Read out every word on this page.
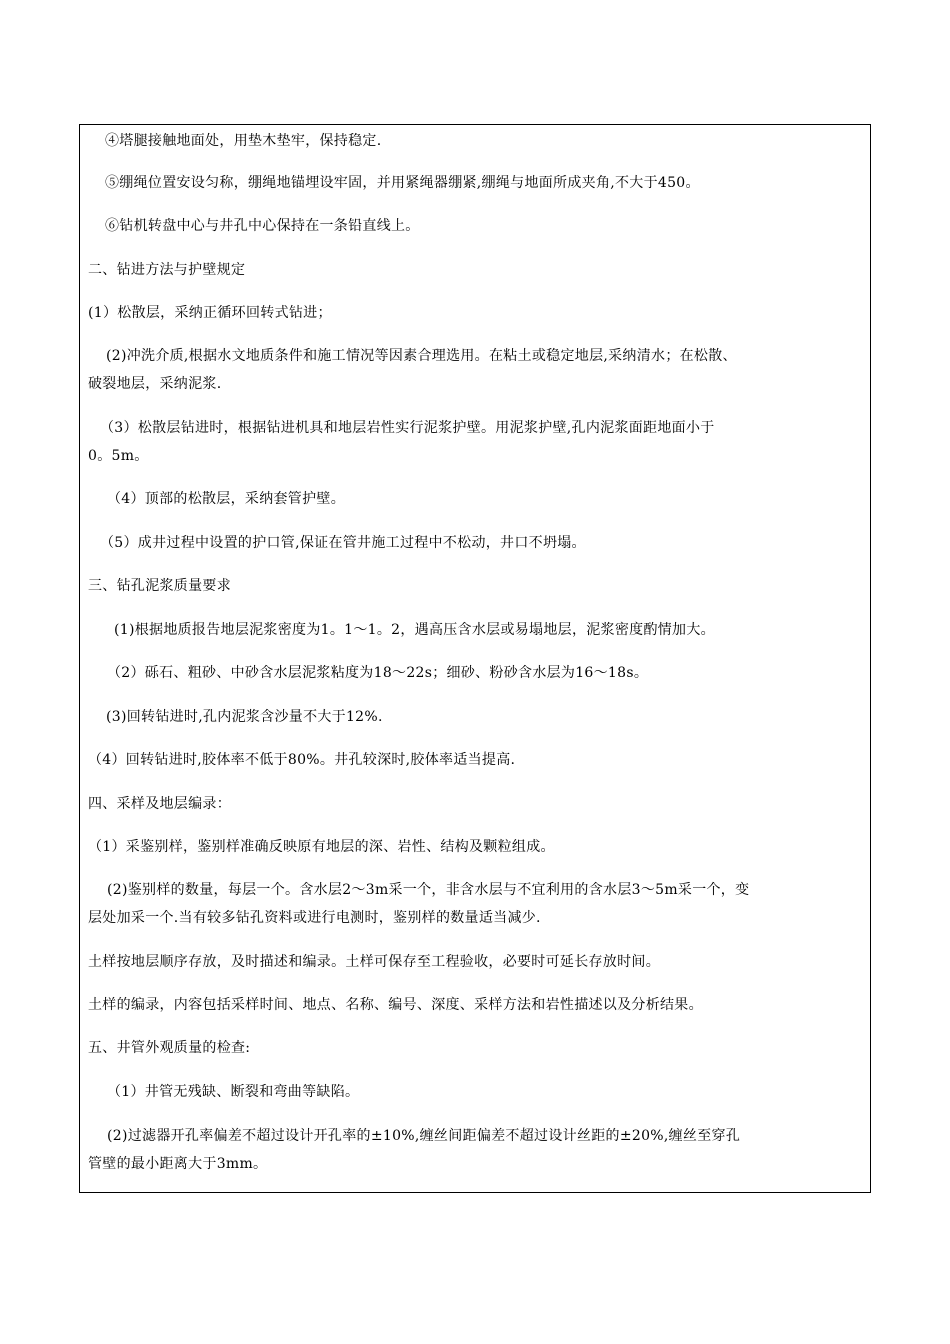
④塔腿接触地面处，用垫木垫牢，保持稳定.
⑤绷绳位置安设匀称，绷绳地锚埋设牢固，并用紧绳器绷紧,绷绳与地面所成夹角,不大于450。
⑥钻机转盘中心与井孔中心保持在一条铅直线上。
二、钻进方法与护壁规定
(1）松散层，采纳正循环回转式钻进；
(2)冲洗介质,根据水文地质条件和施工情况等因素合理选用。在粘土或稳定地层,采纳清水；在松散、
破裂地层，采纳泥浆.
（3）松散层钻进时，根据钻进机具和地层岩性实行泥浆护壁。用泥浆护壁,孔内泥浆面距地面小于
0。5m。
（4）顶部的松散层，采纳套管护壁。
（5）成井过程中设置的护口管,保证在管井施工过程中不松动，井口不坍塌。
三、钻孔泥浆质量要求
(1)根据地质报告地层泥浆密度为1。1～1。2，遇高压含水层或易塌地层，泥浆密度酌情加大。
（2）砾石、粗砂、中砂含水层泥浆粘度为18～22s；细砂、粉砂含水层为16～18s。
(3)回转钻进时,孔内泥浆含沙量不大于12%.
（4）回转钻进时,胶体率不低于80%。井孔较深时,胶体率适当提高.
四、采样及地层编录：
（1）采鉴别样，鉴别样准确反映原有地层的深、岩性、结构及颗粒组成。
(2)鉴别样的数量，每层一个。含水层2～3m采一个，非含水层与不宜利用的含水层3～5m采一个，变
层处加采一个.当有较多钻孔资料或进行电测时，鉴别样的数量适当减少.
土样按地层顺序存放，及时描述和编录。土样可保存至工程验收，必要时可延长存放时间。
土样的编录，内容包括采样时间、地点、名称、编号、深度、采样方法和岩性描述以及分析结果。
五、井管外观质量的检查:
（1）井管无残缺、断裂和弯曲等缺陷。
(2)过滤器开孔率偏差不超过设计开孔率的±10%,缠丝间距偏差不超过设计丝距的±20%,缠丝至穿孔
管壁的最小距离大于3mm。
